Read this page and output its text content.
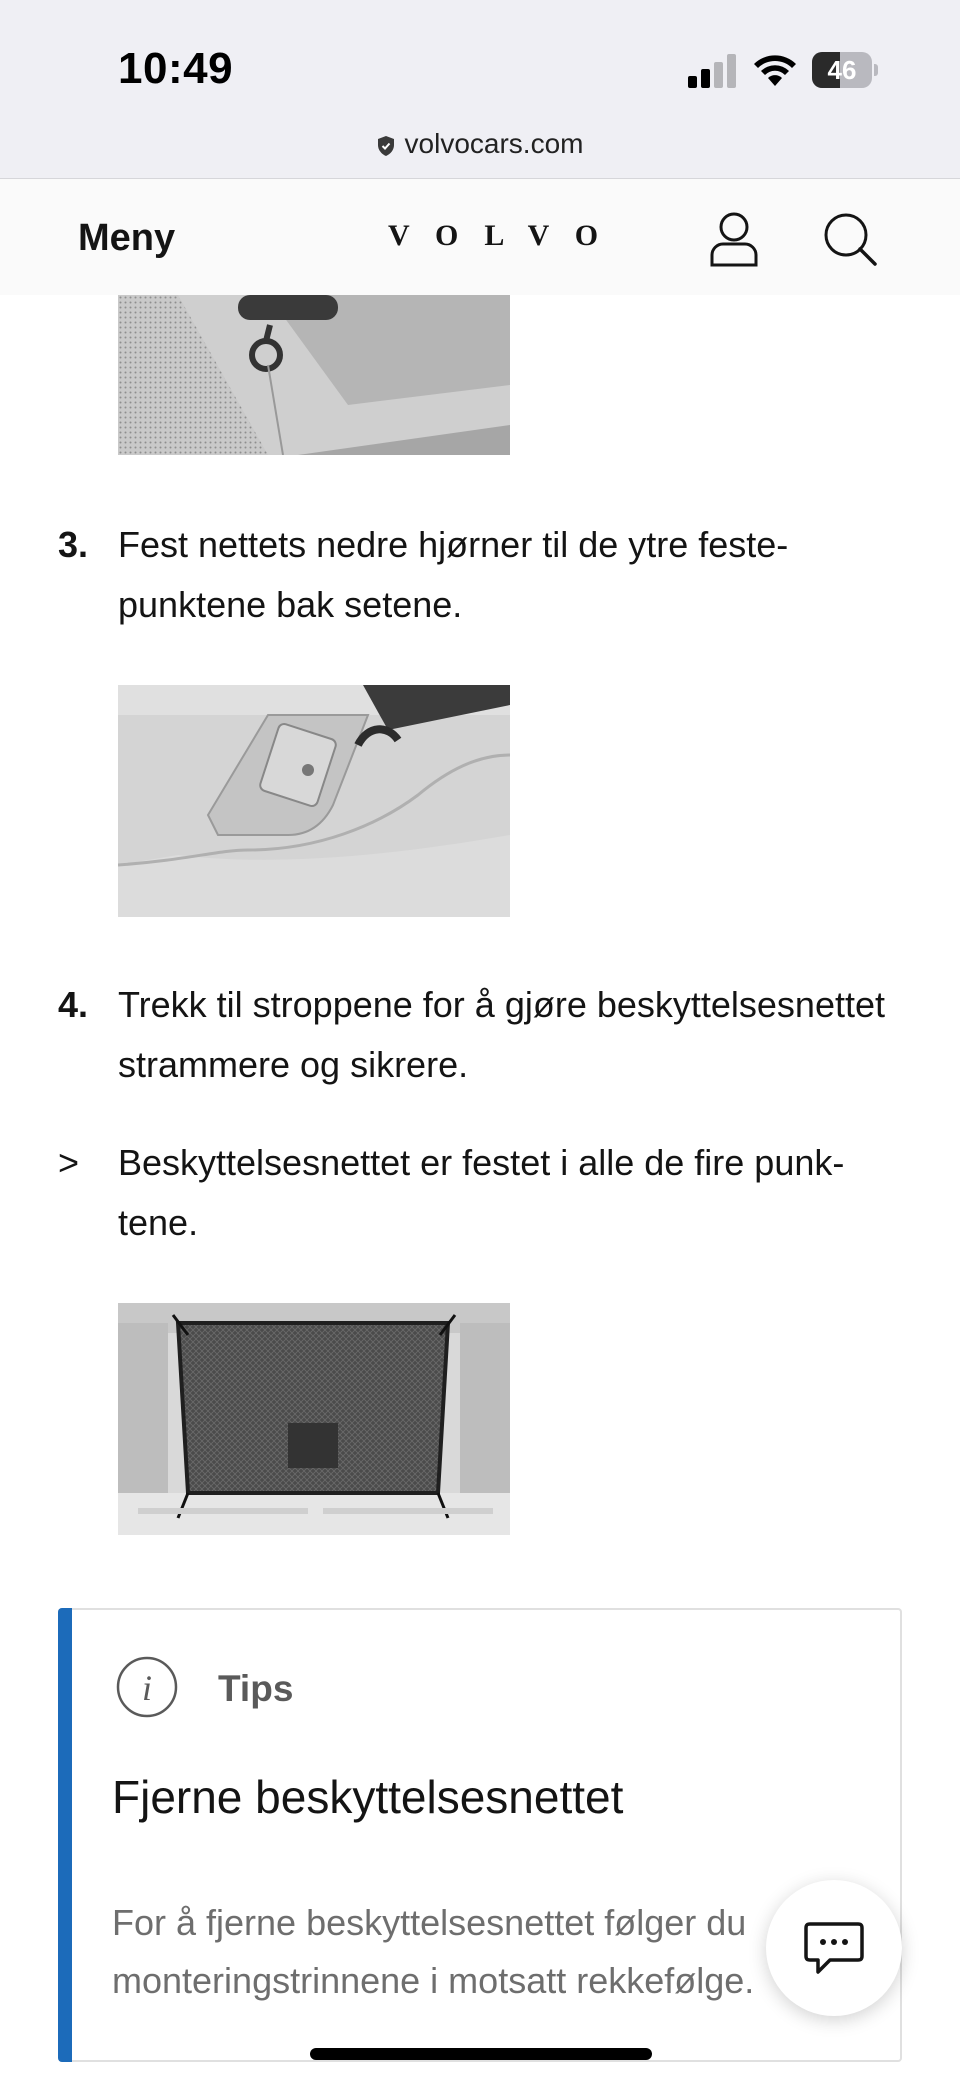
10:49	46
volvocars.com
Meny	VOLVO
3. Fest nettets nedre hjørner til de ytre feste-punktene bak setene.
4. Trekk til stroppene for å gjøre beskyttelsesnettet strammere og sikrere.
> Beskyttelsesnettet er festet i alle de fire punk-tene.
i Tips
Fjerne beskyttelsesnettet
For å fjerne beskyttelsesnettet følger du monteringstrinnene i motsatt rekkefølge.
